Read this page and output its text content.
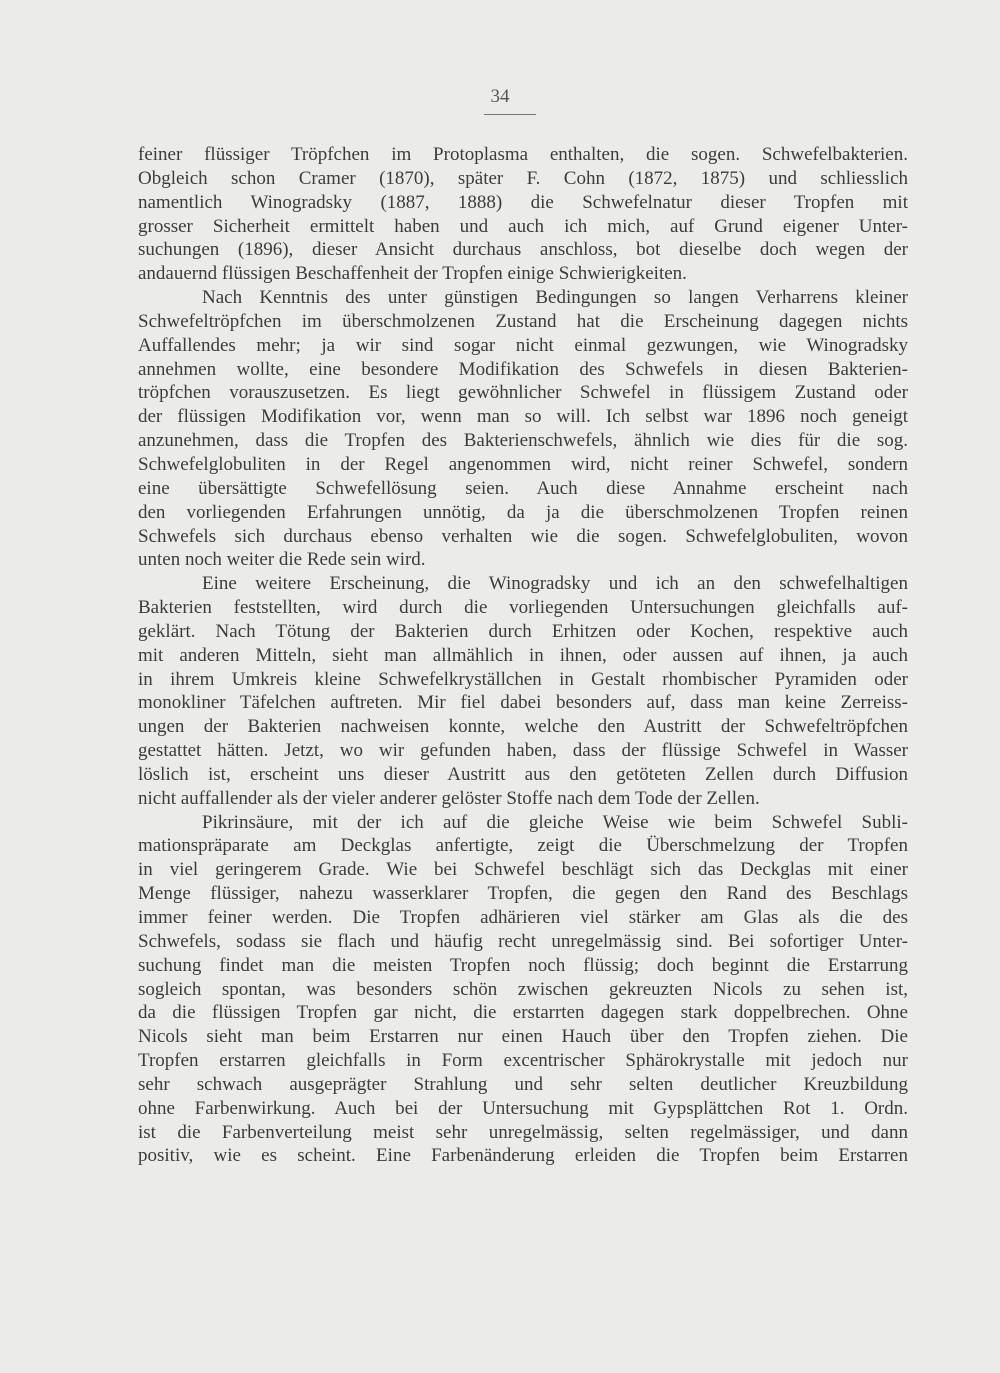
34
feiner flüssiger Tröpfchen im Protoplasma enthalten, die sogen. Schwefelbakterien.
Obgleich schon Cramer (1870), später F. Cohn (1872, 1875) und schliesslich
namentlich Winogradsky (1887, 1888) die Schwefelnatur dieser Tropfen mit
grosser Sicherheit ermittelt haben und auch ich mich, auf Grund eigener Unter-
suchungen (1896), dieser Ansicht durchaus anschloss, bot dieselbe doch wegen der
andauernd flüssigen Beschaffenheit der Tropfen einige Schwierigkeiten.
Nach Kenntnis des unter günstigen Bedingungen so langen Verharrens kleiner
Schwefeltröpfchen im überschmolzenen Zustand hat die Erscheinung dagegen nichts
Auffallendes mehr; ja wir sind sogar nicht einmal gezwungen, wie Winogradsky
annehmen wollte, eine besondere Modifikation des Schwefels in diesen Bakterien-
tröpfchen vorauszusetzen. Es liegt gewöhnlicher Schwefel in flüssigem Zustand oder
der flüssigen Modifikation vor, wenn man so will. Ich selbst war 1896 noch geneigt
anzunehmen, dass die Tropfen des Bakterienschwefels, ähnlich wie dies für die sog.
Schwefelglobuliten in der Regel angenommen wird, nicht reiner Schwefel, sondern
eine übersättigte Schwefellösung seien. Auch diese Annahme erscheint nach
den vorliegenden Erfahrungen unnötig, da ja die überschmolzenen Tropfen reinen
Schwefels sich durchaus ebenso verhalten wie die sogen. Schwefelglobuliten, wovon
unten noch weiter die Rede sein wird.
Eine weitere Erscheinung, die Winogradsky und ich an den schwefelhaltigen
Bakterien feststellten, wird durch die vorliegenden Untersuchungen gleichfalls auf-
geklärt. Nach Tötung der Bakterien durch Erhitzen oder Kochen, respektive auch
mit anderen Mitteln, sieht man allmählich in ihnen, oder aussen auf ihnen, ja auch
in ihrem Umkreis kleine Schwefelkryställchen in Gestalt rhombischer Pyramiden oder
monokliner Täfelchen auftreten. Mir fiel dabei besonders auf, dass man keine Zerreiss-
ungen der Bakterien nachweisen konnte, welche den Austritt der Schwefeltröpfchen
gestattet hätten. Jetzt, wo wir gefunden haben, dass der flüssige Schwefel in Wasser
löslich ist, erscheint uns dieser Austritt aus den getöteten Zellen durch Diffusion
nicht auffallender als der vieler anderer gelöster Stoffe nach dem Tode der Zellen.
Pikrinsäure, mit der ich auf die gleiche Weise wie beim Schwefel Subli-
mationspräparate am Deckglas anfertigte, zeigt die Überschmelzung der Tropfen
in viel geringerem Grade. Wie bei Schwefel beschlägt sich das Deckglas mit einer
Menge flüssiger, nahezu wasserklarer Tropfen, die gegen den Rand des Beschlags
immer feiner werden. Die Tropfen adhärieren viel stärker am Glas als die des
Schwefels, sodass sie flach und häufig recht unregelmässig sind. Bei sofortiger Unter-
suchung findet man die meisten Tropfen noch flüssig; doch beginnt die Erstarrung
sogleich spontan, was besonders schön zwischen gekreuzten Nicols zu sehen ist,
da die flüssigen Tropfen gar nicht, die erstarrten dagegen stark doppelbrechen. Ohne
Nicols sieht man beim Erstarren nur einen Hauch über den Tropfen ziehen. Die
Tropfen erstarren gleichfalls in Form excentrischer Sphärokrystalle mit jedoch nur
sehr schwach ausgeprägter Strahlung und sehr selten deutlicher Kreuzbildung
ohne Farbenwirkung. Auch bei der Untersuchung mit Gypsplättchen Rot 1. Ordn.
ist die Farbenverteilung meist sehr unregelmässig, selten regelmässiger, und dann
positiv, wie es scheint. Eine Farbenänderung erleiden die Tropfen beim Erstarren
